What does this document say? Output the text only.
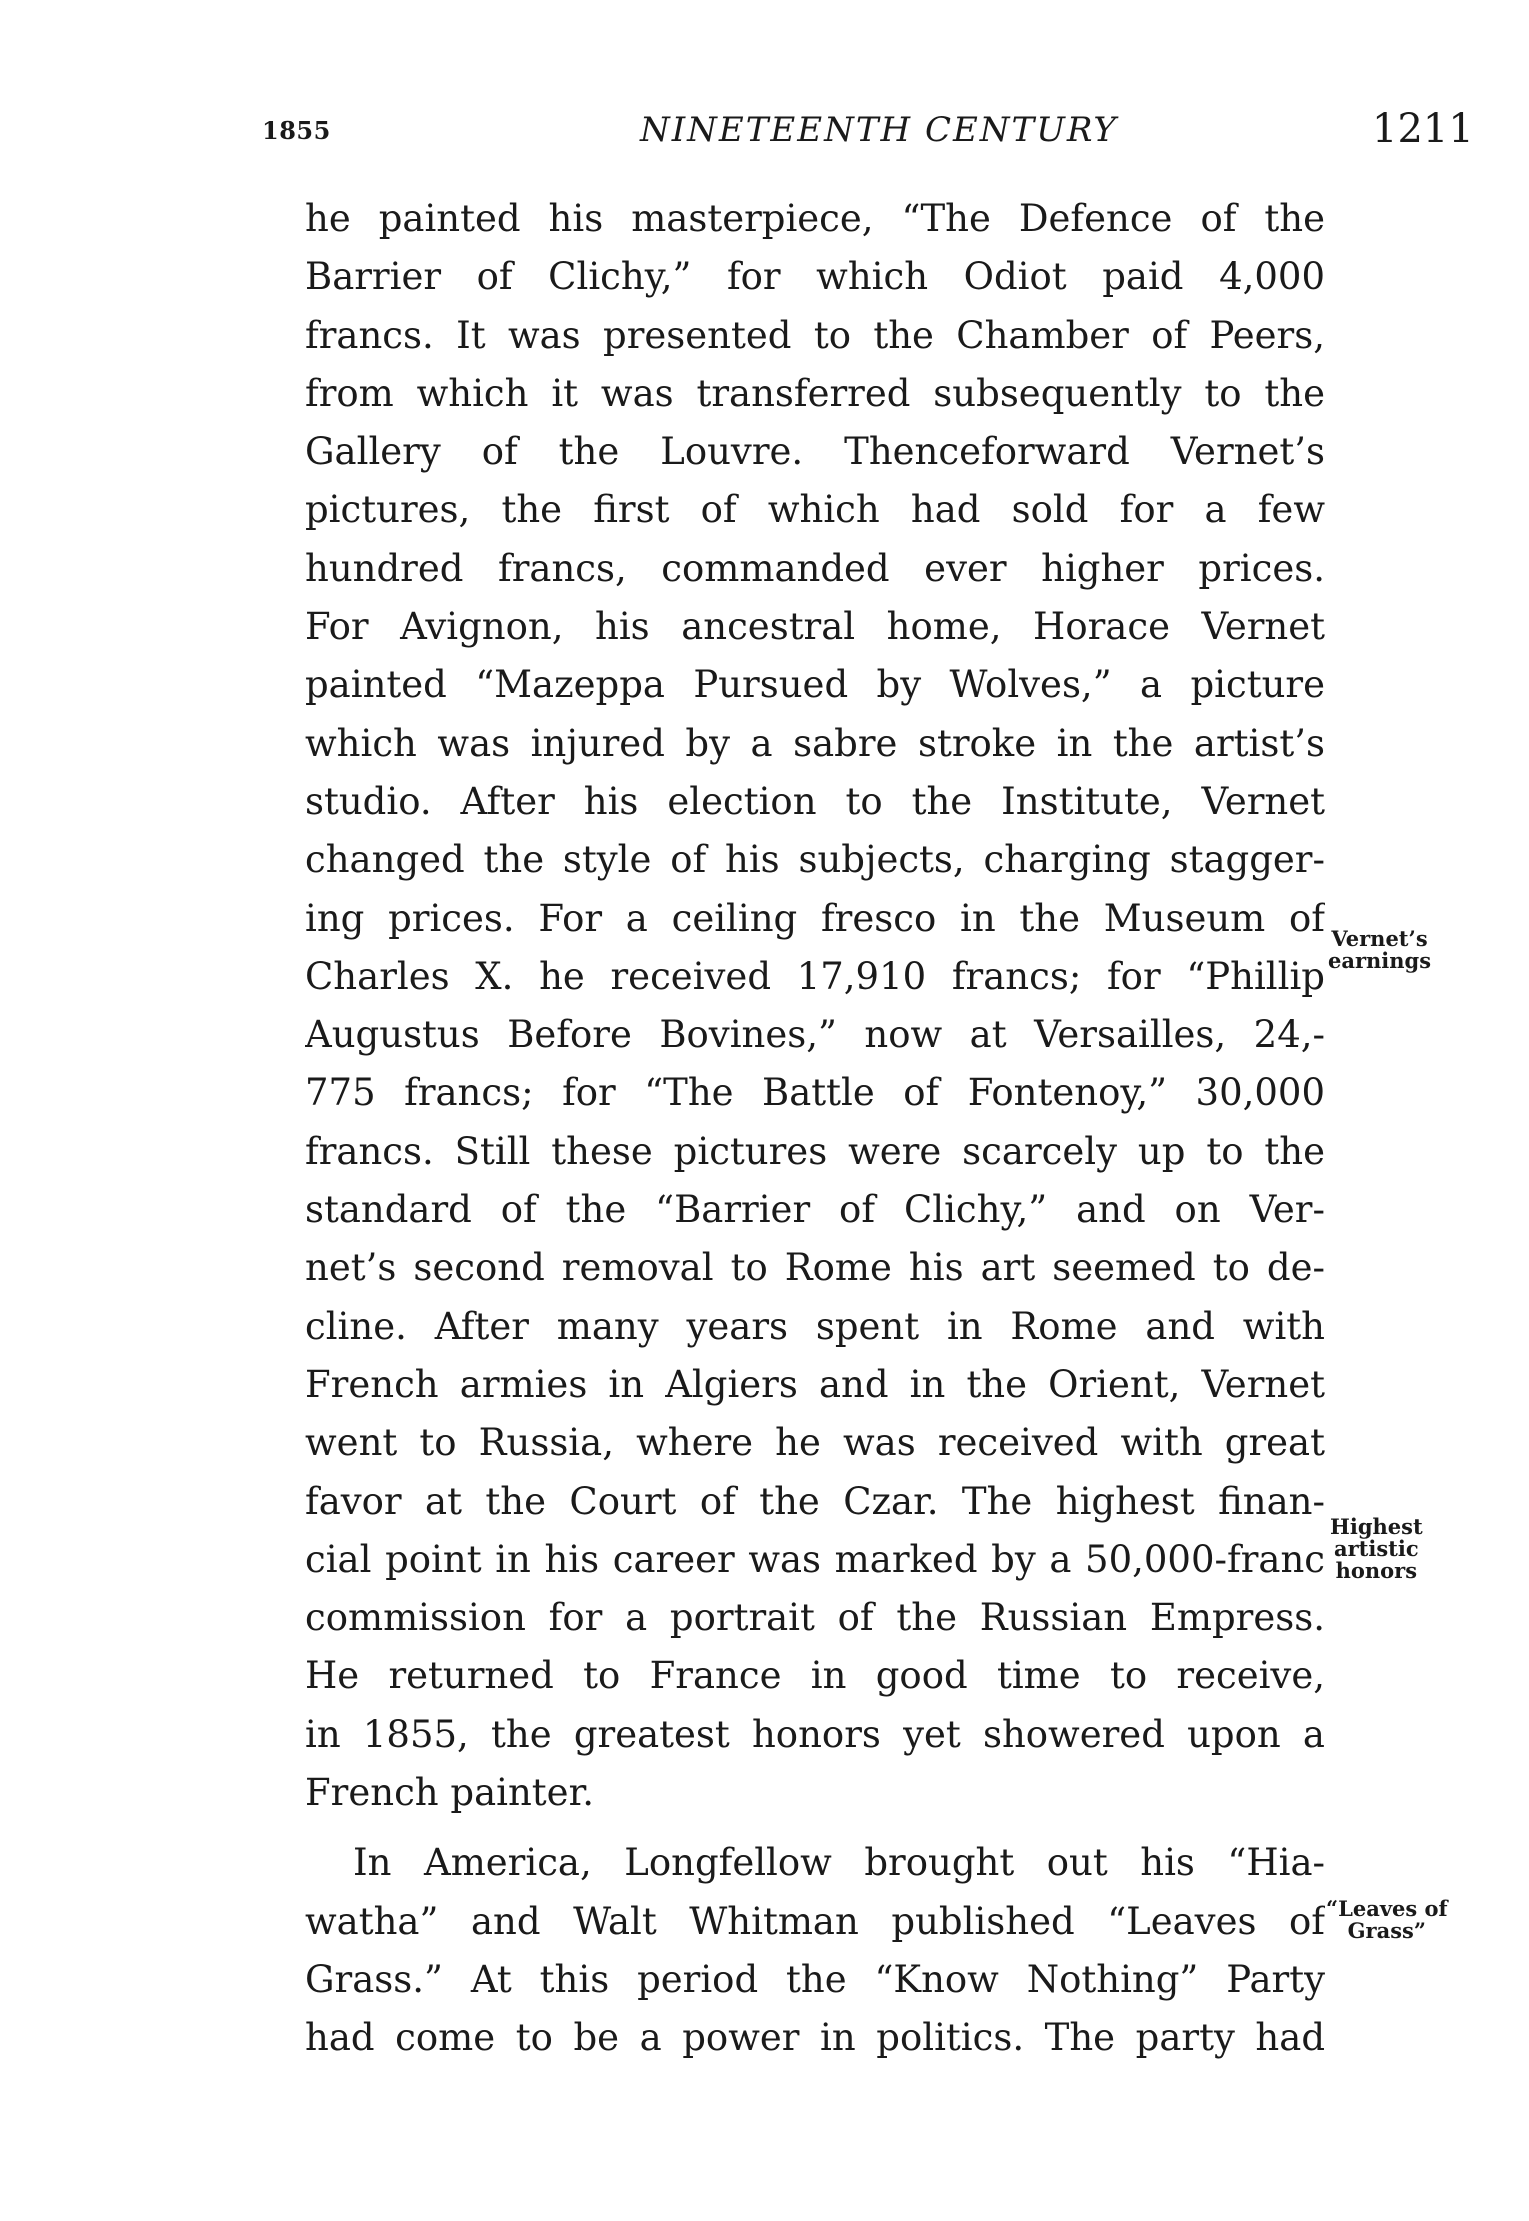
1855	NINETEENTH CENTURY	1211
he painted his masterpiece, “The Defence of the
Barrier of Clichy,” for which Odiot paid 4,000
francs. It was presented to the Chamber of Peers,
from which it was transferred subsequently to the
Gallery of the Louvre. Thenceforward Vernet’s
pictures, the first of which had sold for a few
hundred francs, commanded ever higher prices.
For Avignon, his ancestral home, Horace Vernet
painted “Mazeppa Pursued by Wolves,” a picture
which was injured by a sabre stroke in the artist’s
studio. After his election to the Institute, Vernet
changed the style of his subjects, charging stagger-
ing prices. For a ceiling fresco in the Museum of
Charles X. he received 17,910 francs; for “Phillip
Augustus Before Bovines,” now at Versailles, 24,-
775 francs; for “The Battle of Fontenoy,” 30,000
francs. Still these pictures were scarcely up to the
standard of the “Barrier of Clichy,” and on Ver-
net’s second removal to Rome his art seemed to de-
cline. After many years spent in Rome and with
French armies in Algiers and in the Orient, Vernet
went to Russia, where he was received with great
favor at the Court of the Czar. The highest finan-
cial point in his career was marked by a 50,000-franc
commission for a portrait of the Russian Empress.
He returned to France in good time to receive,
in 1855, the greatest honors yet showered upon a
French painter.
In America, Longfellow brought out his “Hia-
watha” and Walt Whitman published “Leaves of
Grass.” At this period the “Know Nothing” Party
had come to be a power in politics. The party had
Vernet’s
earnings
Highest
artistic
honors
“Leaves of
Grass”
